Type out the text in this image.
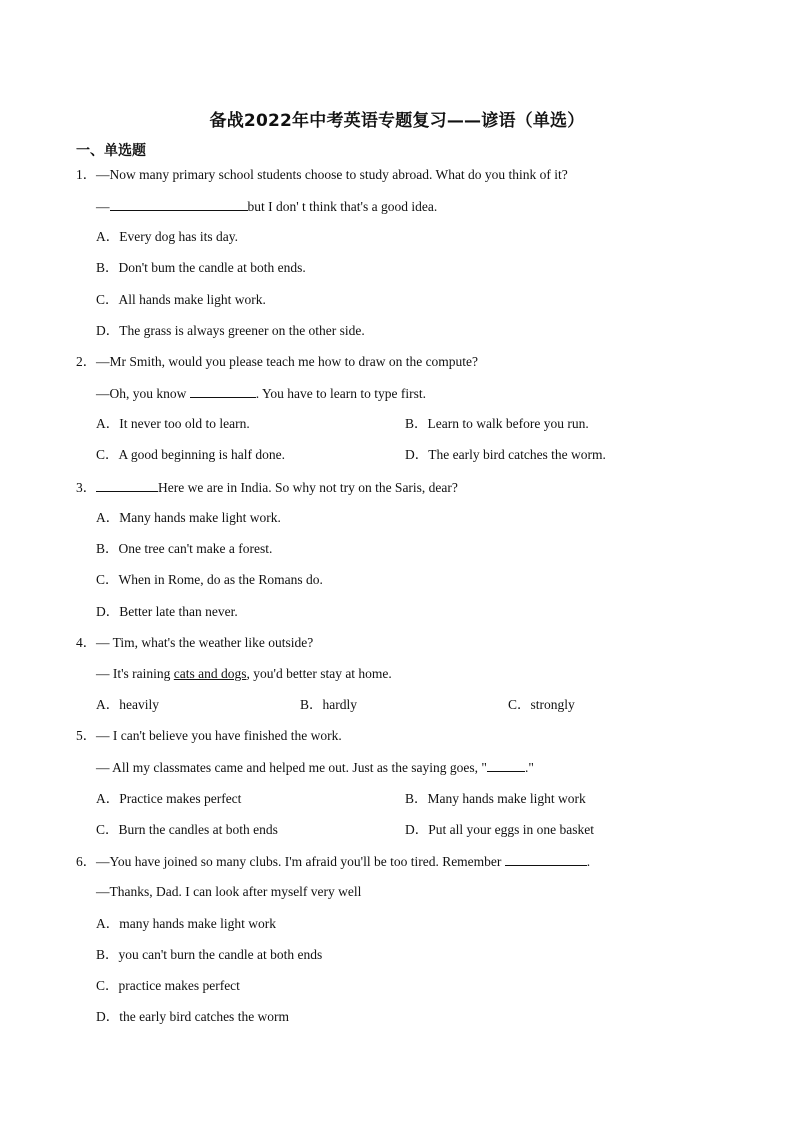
备战2022年中考英语专题复习——谚语（单选）
一、单选题
1．—Now many primary school students choose to study abroad. What do you think of it?
—	but I don' t think that's a good idea.
A．Every dog has its day.
B．Don't bum the candle at both ends.
C．All hands make light work.
D．The grass is always greener on the other side.
2．—Mr Smith, would you please teach me how to draw on the compute?
—Oh, you know	. You have to learn to type first.
A．It never too old to learn.	B．Learn to walk before you run.
C．A good beginning is half done.	D．The early bird catches the worm.
3．	Here we are in India. So why not try on the Saris, dear?
A．Many hands make light work.
B．One tree can't make a forest.
C．When in Rome, do as the Romans do.
D．Better late than never.
4．— Tim, what's the weather like outside?
— It's raining cats and dogs, you'd better stay at home.
A．heavily	B．hardly	C．strongly
5．— I can't believe you have finished the work.
— All my classmates came and helped me out. Just as the saying goes, "	."
A．Practice makes perfect	B．Many hands make light work
C．Burn the candles at both ends	D．Put all your eggs in one basket
6．—You have joined so many clubs. I'm afraid you'll be too tired. Remember	.
—Thanks, Dad. I can look after myself very well
A．many hands make light work
B．you can't burn the candle at both ends
C．practice makes perfect
D．the early bird catches the worm
